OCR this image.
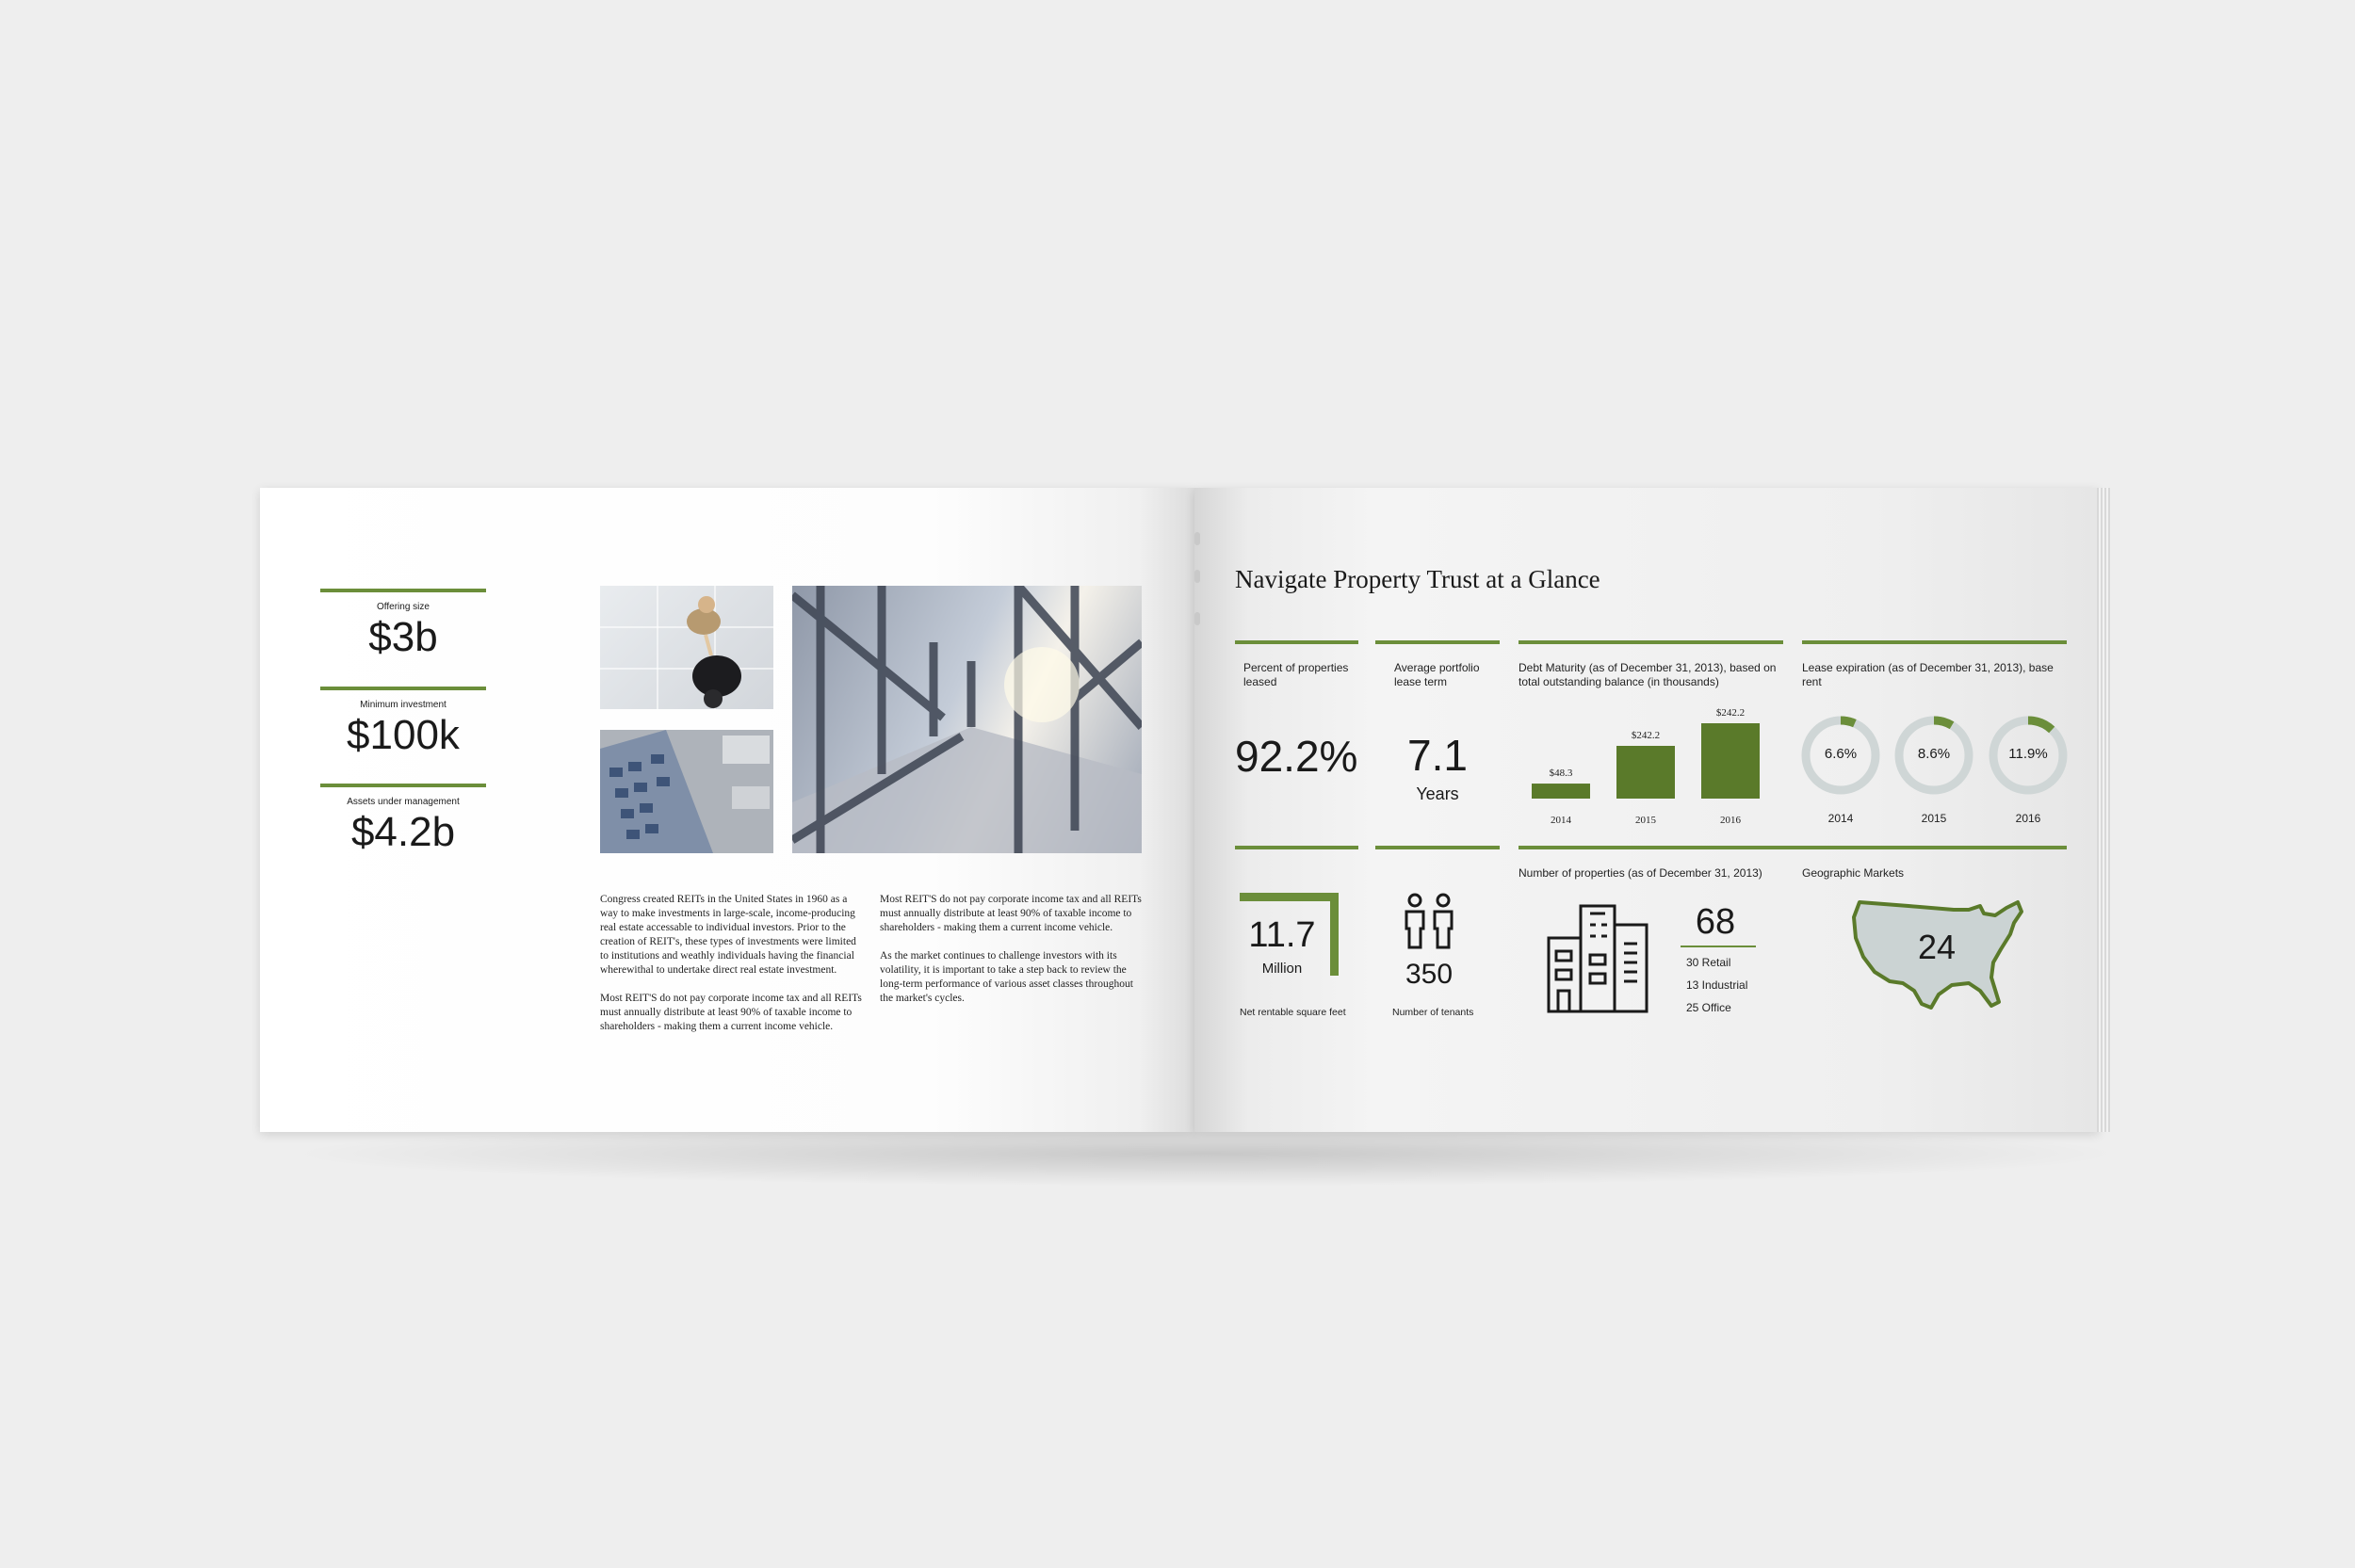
Offering size
$3b
Minimum investment
$100k
Assets under management
$4.2b

Congress created REITs in the United States in 1960 as a way to make investments in large-scale, income-producing real estate accessable to individual investors. Prior to the creation of REIT's, these types of investments were limited to institutions and weathly individuals having the financial wherewithal to undertake direct real estate investment.

Most REIT'S do not pay corporate income tax and all REITs must annually distribute at least 90% of taxable income to shareholders - making them a current income vehicle.

Most REIT'S do not pay corporate income tax and all REITs must annually distribute at least 90% of taxable income to shareholders - making them a current income vehicle.

As the market continues to challenge investors with its volatility, it is important to take a step back to review the long-term performance of various asset classes throughout the market's cycles.

Navigate Property Trust at a Glance
Percent of properties leased
92.2%
Average portfolio lease term
7.1
Years
Debt Maturity (as of December 31, 2013), based on total outstanding balance (in thousands)
$48.3
2014
$242.2
2015
$242.2
2016
Lease expiration (as of December 31, 2013), base rent
6.6%	8.6%	11.9%
2014	2015	2016
11.7
Million
Net rentable square feet
350
Number of tenants
Number of properties (as of December 31, 2013)
68
30 Retail
13 Industrial
25 Office
Geographic Markets
24
